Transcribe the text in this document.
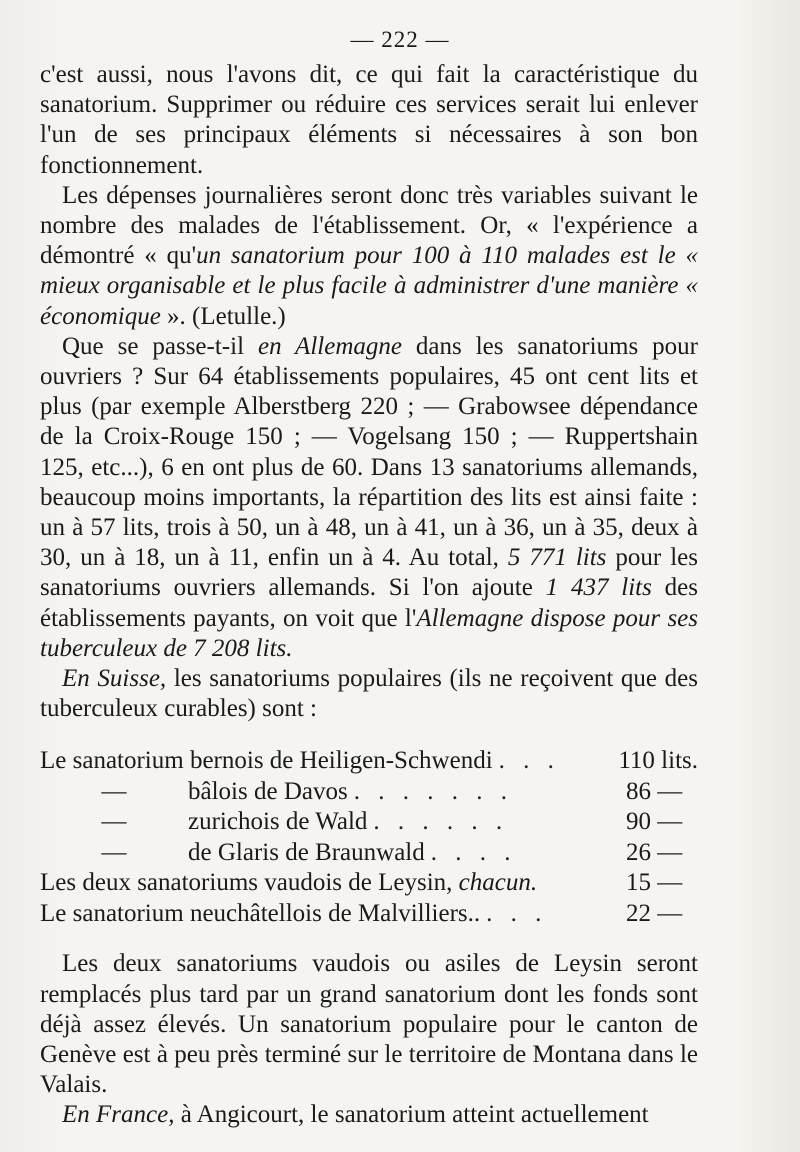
— 222 —

c'est aussi, nous l'avons dit, ce qui fait la caractéristique du sanatorium. Supprimer ou réduire ces services serait lui enlever l'un de ses principaux éléments si nécessaires à son bon fonctionnement.

Les dépenses journalières seront donc très variables suivant le nombre des malades de l'établissement. Or, « l'expérience a démontré « qu'un sanatorium pour 100 à 110 malades est le « mieux organisable et le plus facile à administrer d'une manière « économique ». (Letulle.)

Que se passe-t-il en Allemagne dans les sanatoriums pour ouvriers ? Sur 64 établissements populaires, 45 ont cent lits et plus (par exemple Alberstberg 220 ; — Grabowsee dépendance de la Croix-Rouge 150 ; — Vogelsang 150 ; — Ruppertshain 125, etc...), 6 en ont plus de 60. Dans 13 sanatoriums allemands, beaucoup moins importants, la répartition des lits est ainsi faite : un à 57 lits, trois à 50, un à 48, un à 41, un à 36, un à 35, deux à 30, un à 18, un à 11, enfin un à 4. Au total, 5 771 lits pour les sanatoriums ouvriers allemands. Si l'on ajoute 1 437 lits des établissements payants, on voit que l'Allemagne dispose pour ses tuberculeux de 7 208 lits.

En Suisse, les sanatoriums populaires (ils ne reçoivent que des tuberculeux curables) sont :

Le sanatorium bernois de Heiligen-Schwendi . . .	110 lits.
— bâlois de Davos . . . . . . .	86 —
— zurichois de Wald . . . . . .	90 —
— de Glaris de Braunwald . . . .	26 —
Les deux sanatoriums vaudois de Leysin, chacun.	15 —
Le sanatorium neuchâtellois de Malvilliers.. . . .	22 —

Les deux sanatoriums vaudois ou asiles de Leysin seront remplacés plus tard par un grand sanatorium dont les fonds sont déjà assez élevés. Un sanatorium populaire pour le canton de Genève est à peu près terminé sur le territoire de Montana dans le Valais.

En France, à Angicourt, le sanatorium atteint actuellement
